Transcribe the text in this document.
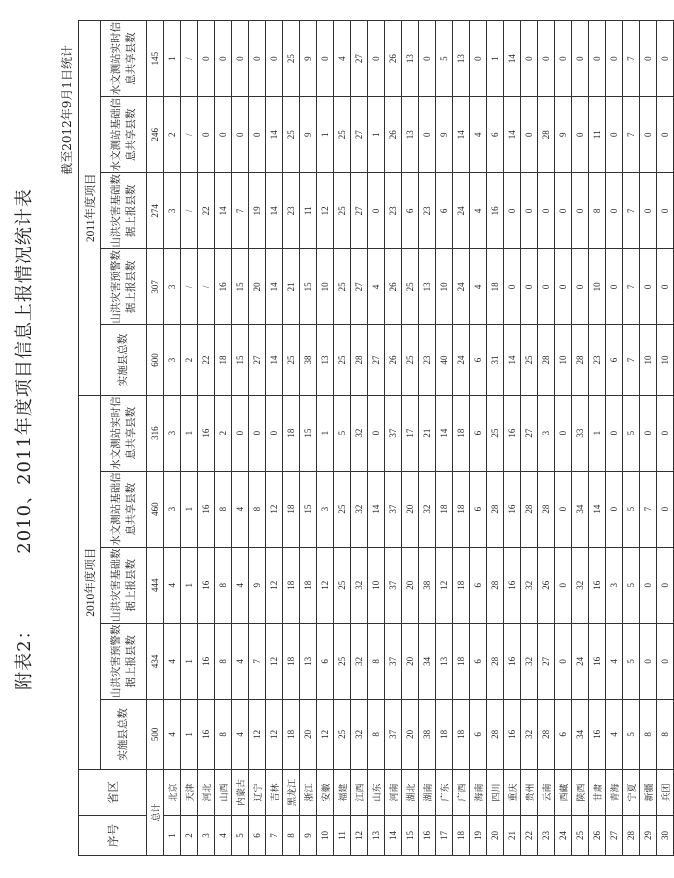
附表2： 2010、2011年度项目信息上报情况统计表
截至2012年9月1日统计
序号	省区	2010年度项目					2011年度项目				
		实施县总数	山洪灾害预警数据上报县数	山洪灾害基础数据上报县数	水文测站基础信息共享县数	水文测站实时信息共享县数	实施县总数	山洪灾害预警数据上报县数	山洪灾害基础数据上报县数	水文测站基础信息共享县数	水文测站实时信息共享县数
总计		500	434	444	460	316	600	307	274	246	145
1	北京	4	4	4	3	3	3	3	3	2	1
2	天津	1	1	1	1	1	2	/	/	/	/
3	河北	16	16	16	16	16	22	/	22	0	0
4	山西	8	8	8	8	2	18	16	14	0	0
5	内蒙古	4	4	4	4	0	15	15	7	0	0
6	辽宁	12	7	9	8	0	27	20	19	0	0
7	吉林	12	12	12	12	0	14	14	14	14	0
8	黑龙江	18	18	18	18	18	25	21	23	25	25
9	浙江	20	13	18	15	15	38	15	11	9	9
10	安徽	12	6	12	3	1	13	10	12	1	0
11	福建	25	25	25	25	5	25	25	25	25	4
12	江西	32	32	32	32	32	28	27	27	27	27
13	山东	8	8	10	14	0	27	4	0	1	0
14	河南	37	37	37	37	37	26	26	23	26	26
15	湖北	20	20	20	20	17	25	25	6	13	13
16	湖南	38	34	38	32	21	23	13	23	0	0
17	广东	18	13	12	18	14	40	10	6	9	5
18	广西	18	18	18	18	18	24	24	24	14	13
19	海南	6	6	6	6	6	6	4	4	4	0
20	四川	28	28	28	28	25	31	18	16	6	1
21	重庆	16	16	16	16	16	14	0	0	14	14
22	贵州	32	32	32	28	27	25	0	0	0	0
23	云南	28	27	26	28	3	28	0	0	28	0
24	西藏	6	0	0	0	0	10	0	0	9	0
25	陕西	34	24	32	34	33	28	0	0	0	0
26	甘肃	16	16	16	14	1	23	10	8	11	0
27	青海	4	4	3	0	0	6	0	0	0	0
28	宁夏	5	5	5	5	5	7	7	7	7	7
29	新疆	8	0	0	7	0	10	0	0	0	0
30	兵团	8	0	0	0	0	10	0	0	0	0
